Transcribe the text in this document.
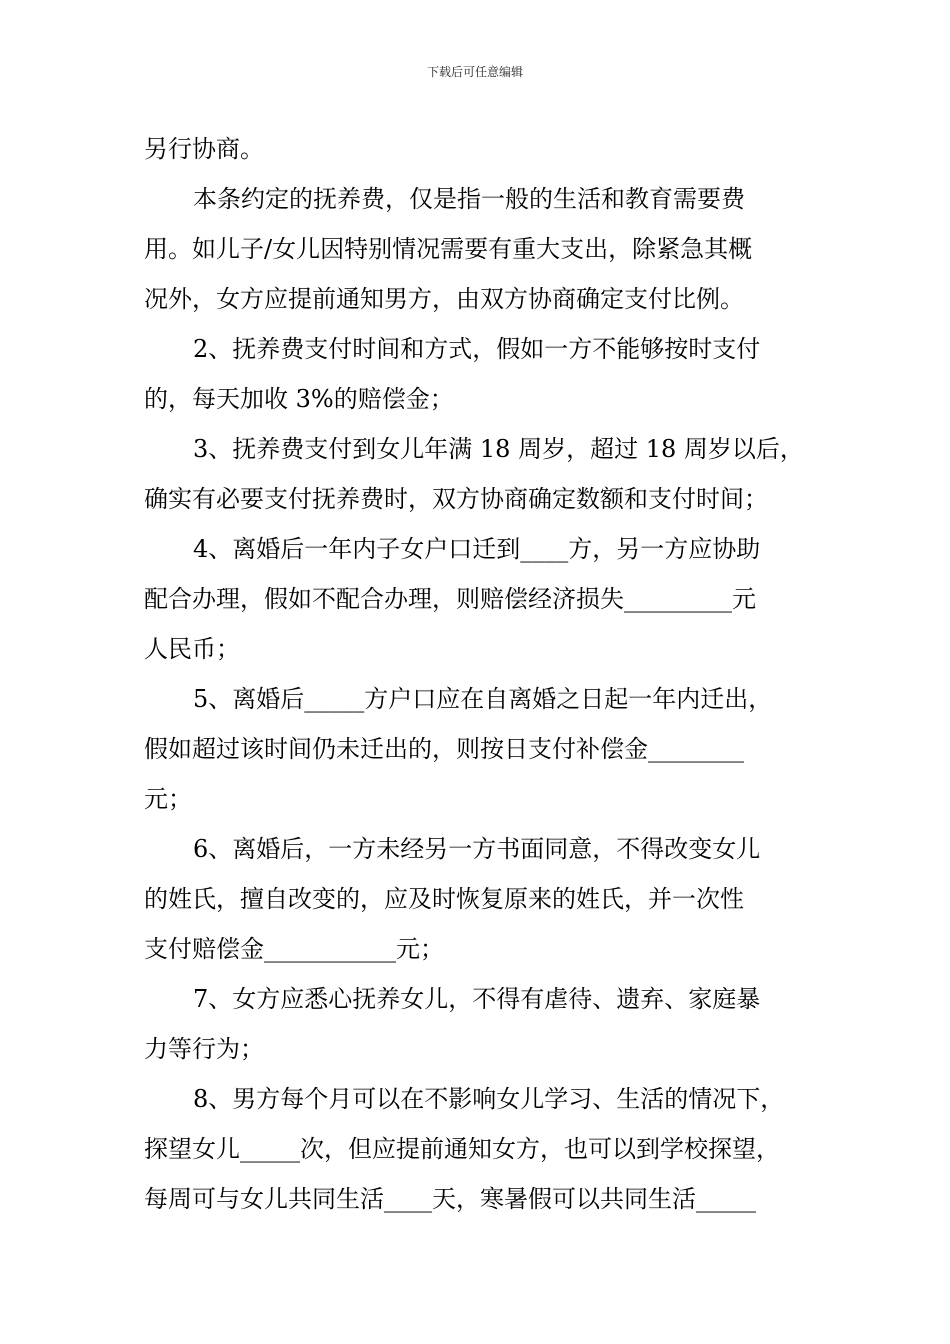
下载后可任意编辑
另行协商。
本条约定的抚养费，仅是指一般的生活和教育需要费
用。如儿子/女儿因特别情况需要有重大支出，除紧急其概
况外，女方应提前通知男方，由双方协商确定支付比例。
2、抚养费支付时间和方式，假如一方不能够按时支付
的，每天加收 3%的赔偿金；
3、抚养费支付到女儿年满 18 周岁，超过 18 周岁以后，
确实有必要支付抚养费时，双方协商确定数额和支付时间；
4、离婚后一年内子女户口迁到____方，另一方应协助
配合办理，假如不配合办理，则赔偿经济损失_________元
人民币；
5、离婚后_____方户口应在自离婚之日起一年内迁出，
假如超过该时间仍未迁出的，则按日支付补偿金________
元；
6、离婚后，一方未经另一方书面同意，不得改变女儿
的姓氏，擅自改变的，应及时恢复原来的姓氏，并一次性
支付赔偿金___________元；
7、女方应悉心抚养女儿，不得有虐待、遗弃、家庭暴
力等行为；
8、男方每个月可以在不影响女儿学习、生活的情况下，
探望女儿_____次，但应提前通知女方，也可以到学校探望，
每周可与女儿共同生活____天，寒暑假可以共同生活_____
